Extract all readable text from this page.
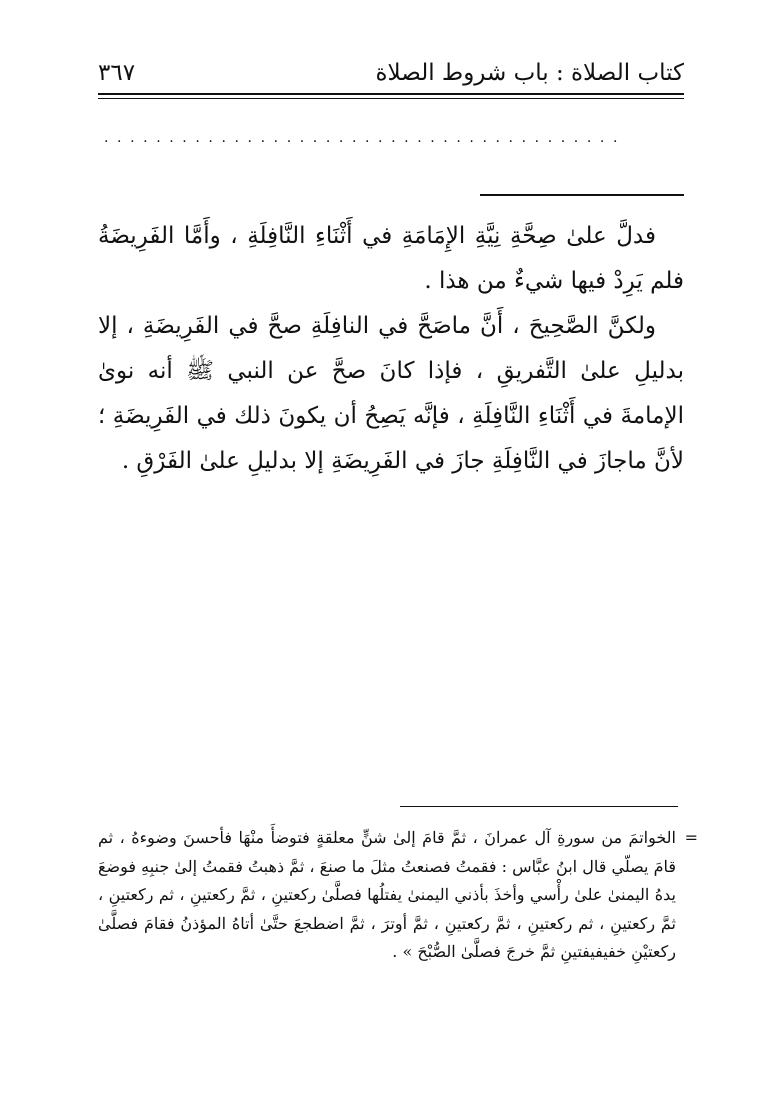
كتاب الصلاة : باب شروط الصلاة
٣٦٧
........................................

فدلَّ علىٰ صِحَّةِ نِيَّةِ الإِمَامَةِ في أَثْنَاءِ النَّافِلَةِ ، وأَمَّا الفَرِيضَةُ فلم يَرِدْ فيها شيءٌ من هذا .

ولكنَّ الصَّحِيحَ ، أَنَّ ماصَحَّ في النافِلَةِ صحَّ في الفَرِيضَةِ ، إلا بدليلِ علىٰ التَّفريقِ ، فإذا كانَ صحَّ عن النبي ﷺ أنه نوىٰ الإمامةَ في أَثْنَاءِ النَّافِلَةِ ، فإنَّه يَصِحُ أن يكونَ ذلك في الفَرِيضَةِ ؛ لأنَّ ماجازَ في النَّافِلَةِ جازَ في الفَرِيضَةِ إلا بدليلِ علىٰ الفَرْقِ .

=

الخواتمَ من سورةِ آل عمرانَ ، ثمَّ قامَ إلىٰ شنٍّ معلقةٍ فتوضأَ منْهَا فأحسنَ وضوءهُ ، ثم قامَ يصلّي قال ابنُ عبَّاس : فقمتُ فصنعتُ مثلَ ما صنعَ ، ثمَّ ذهبتُ فقمتُ إلىٰ جنبِهِ فوضعَ يدهُ اليمنىٰ علىٰ رأْسي وأخذَ بأذني اليمنىٰ يفتلُها فصلَّىٰ ركعتينِ ، ثمَّ ركعتينِ ، ثم ركعتينِ ، ثمَّ ركعتينِ ، ثم ركعتينِ ، ثمَّ ركعتينِ ، ثمَّ أوترَ ، ثمَّ اضطجعَ حتَّىٰ أتاهُ المؤذنُ فقامَ فصلَّىٰ ركعتيْنِ خفيفيفتينِ ثمَّ خرجَ فصلَّىٰ الصُّبْحَ » .
